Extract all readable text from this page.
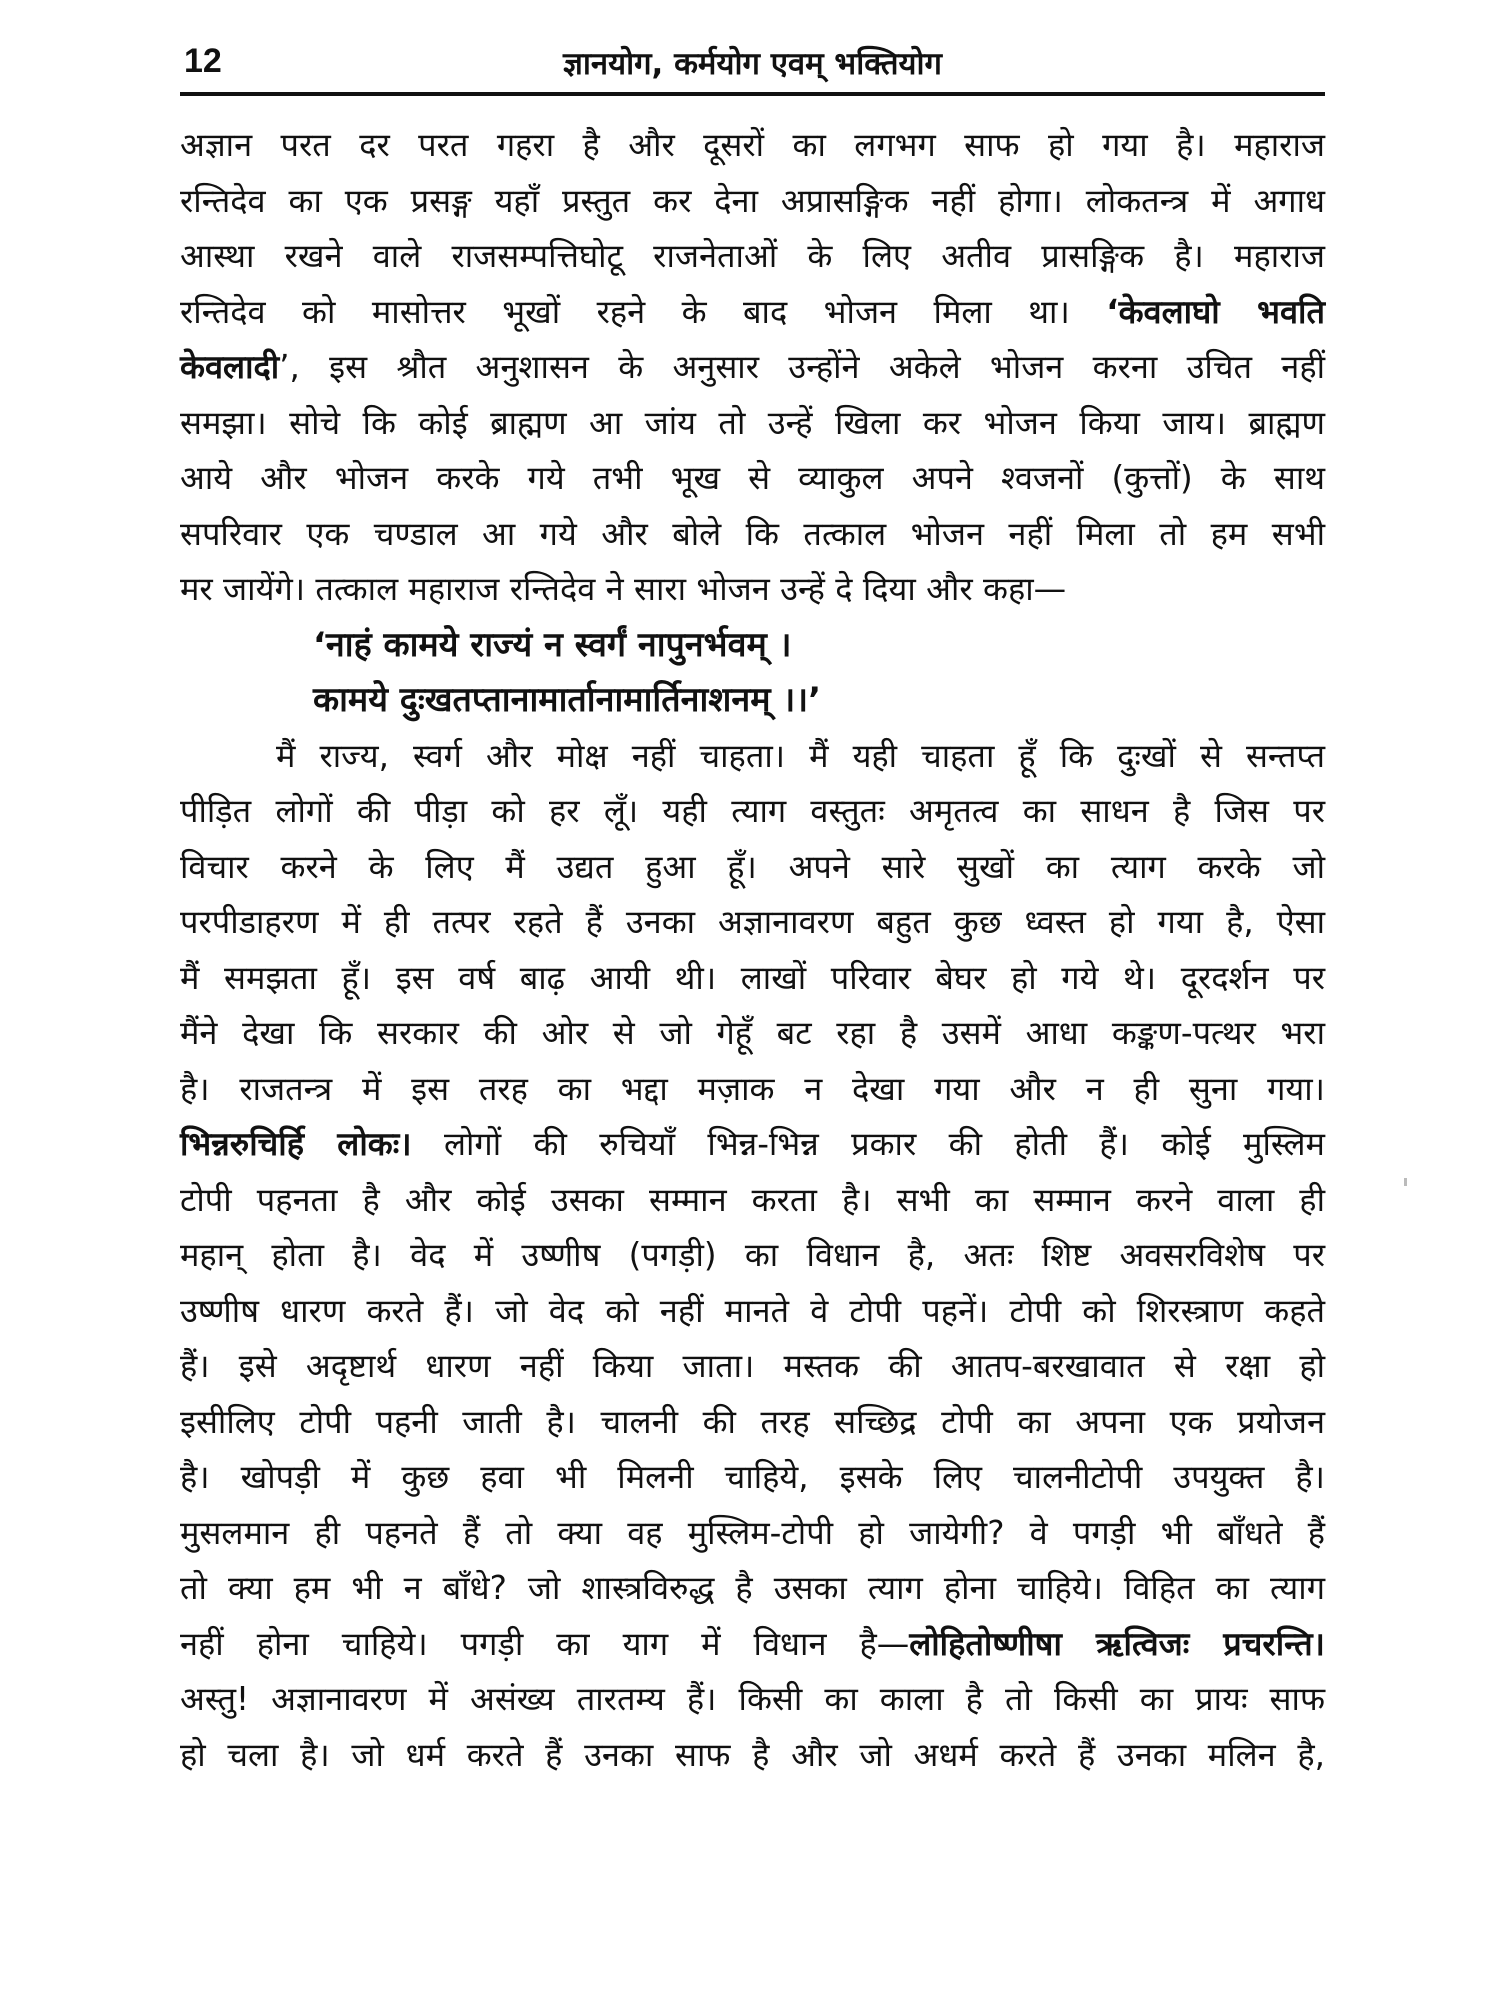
12	ज्ञानयोग, कर्मयोग एवम् भक्तियोग
अज्ञान परत दर परत गहरा है और दूसरों का लगभग साफ हो गया है। महाराज
रन्तिदेव का एक प्रसङ्ग यहाँ प्रस्तुत कर देना अप्रासङ्गिक नहीं होगा। लोकतन्त्र में अगाध
आस्था रखने वाले राजसम्पत्तिघोटू राजनेताओं के लिए अतीव प्रासङ्गिक है। महाराज
रन्तिदेव को मासोत्तर भूखों रहने के बाद भोजन मिला था। ‘केवलाघो भवति
केवलादी’, इस श्रौत अनुशासन के अनुसार उन्होंने अकेले भोजन करना उचित नहीं
समझा। सोचे कि कोई ब्राह्मण आ जांय तो उन्हें खिला कर भोजन किया जाय। ब्राह्मण
आये और भोजन करके गये तभी भूख से व्याकुल अपने श्वजनों (कुत्तों) के साथ
सपरिवार एक चण्डाल आ गये और बोले कि तत्काल भोजन नहीं मिला तो हम सभी
मर जायेंगे। तत्काल महाराज रन्तिदेव ने सारा भोजन उन्हें दे दिया और कहा—
‘नाहं कामये राज्यं न स्वर्गं नापुनर्भवम् ।
कामये दुःखतप्तानामार्तानामार्तिनाशनम् ।।’
मैं राज्य, स्वर्ग और मोक्ष नहीं चाहता। मैं यही चाहता हूँ कि दुःखों से सन्तप्त
पीड़ित लोगों की पीड़ा को हर लूँ। यही त्याग वस्तुतः अमृतत्व का साधन है जिस पर
विचार करने के लिए मैं उद्यत हुआ हूँ। अपने सारे सुखों का त्याग करके जो
परपीडाहरण में ही तत्पर रहते हैं उनका अज्ञानावरण बहुत कुछ ध्वस्त हो गया है, ऐसा
मैं समझता हूँ। इस वर्ष बाढ़ आयी थी। लाखों परिवार बेघर हो गये थे। दूरदर्शन पर
मैंने देखा कि सरकार की ओर से जो गेहूँ बट रहा है उसमें आधा कङ्कण-पत्थर भरा
है। राजतन्त्र में इस तरह का भद्दा मज़ाक न देखा गया और न ही सुना गया।
भिन्नरुचिर्हि लोकः। लोगों की रुचियाँ भिन्न-भिन्न प्रकार की होती हैं। कोई मुस्लिम
टोपी पहनता है और कोई उसका सम्मान करता है। सभी का सम्मान करने वाला ही
महान् होता है। वेद में उष्णीष (पगड़ी) का विधान है, अतः शिष्ट अवसरविशेष पर
उष्णीष धारण करते हैं। जो वेद को नहीं मानते वे टोपी पहनें। टोपी को शिरस्त्राण कहते
हैं। इसे अदृष्टार्थ धारण नहीं किया जाता। मस्तक की आतप-बरखावात से रक्षा हो
इसीलिए टोपी पहनी जाती है। चालनी की तरह सच्छिद्र टोपी का अपना एक प्रयोजन
है। खोपड़ी में कुछ हवा भी मिलनी चाहिये, इसके लिए चालनीटोपी उपयुक्त है।
मुसलमान ही पहनते हैं तो क्या वह मुस्लिम-टोपी हो जायेगी? वे पगड़ी भी बाँधते हैं
तो क्या हम भी न बाँधे? जो शास्त्रविरुद्ध है उसका त्याग होना चाहिये। विहित का त्याग
नहीं होना चाहिये। पगड़ी का याग में विधान है—लोहितोष्णीषा ऋत्विजः प्रचरन्ति।
अस्तु! अज्ञानावरण में असंख्य तारतम्य हैं। किसी का काला है तो किसी का प्रायः साफ
हो चला है। जो धर्म करते हैं उनका साफ है और जो अधर्म करते हैं उनका मलिन है,
